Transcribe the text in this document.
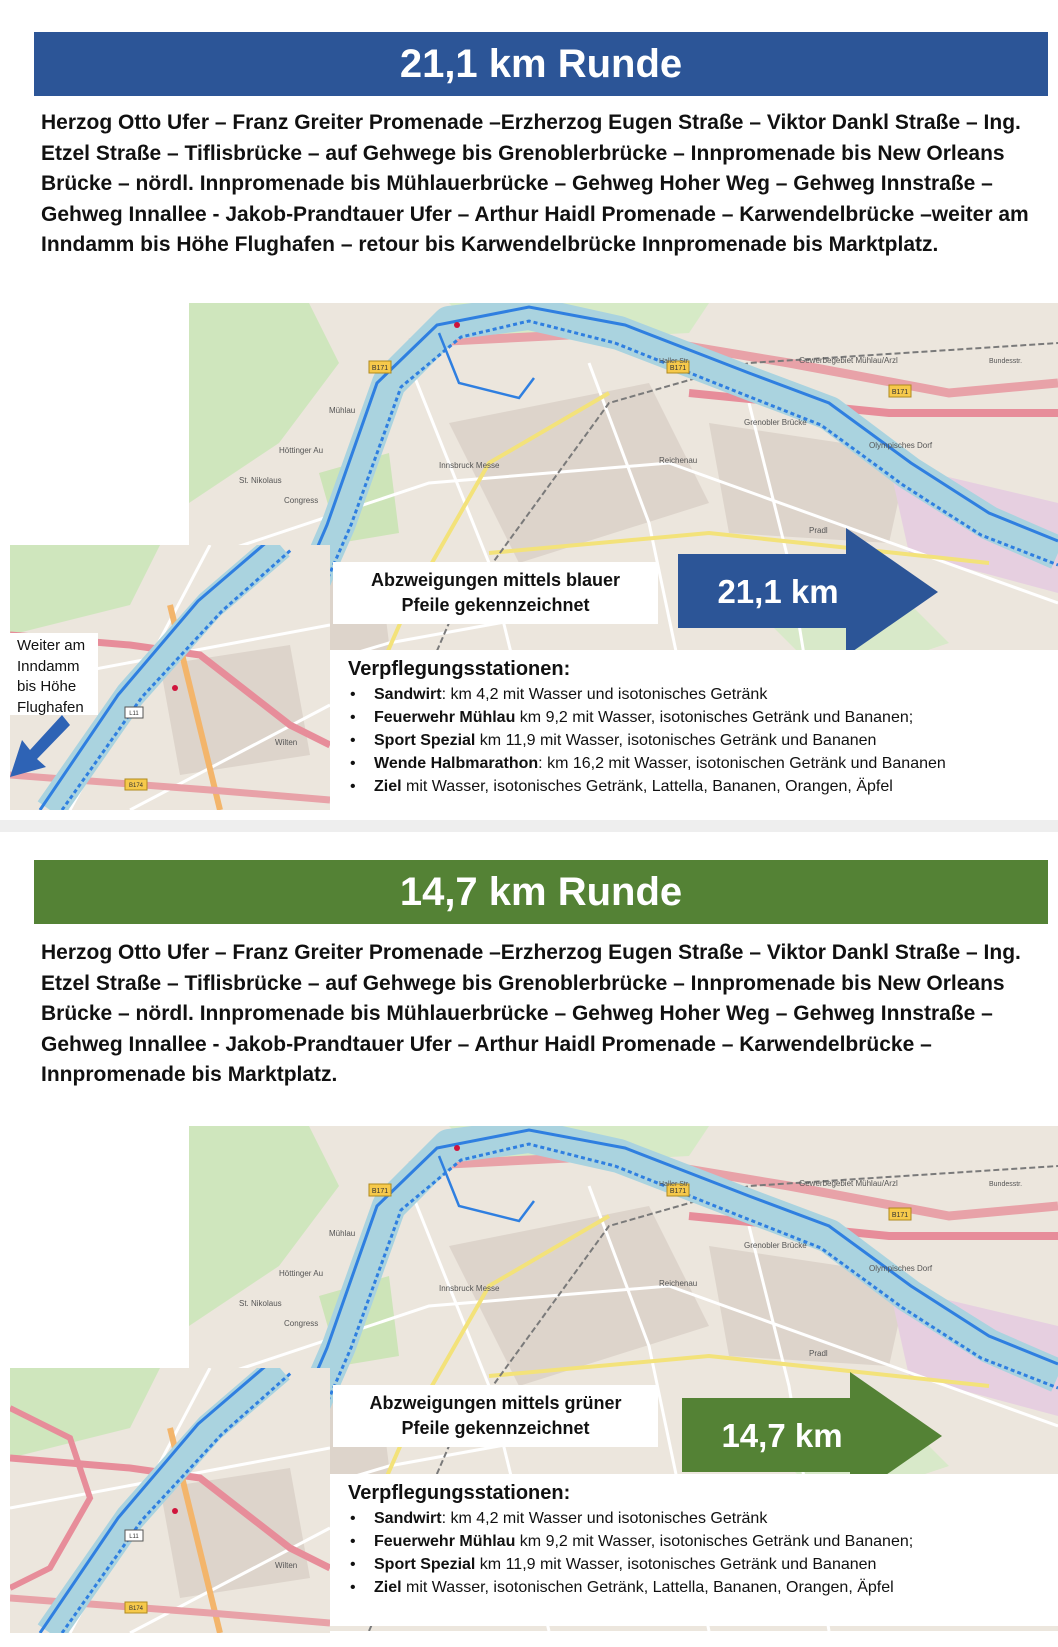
21,1 km Runde

Herzog Otto Ufer – Franz Greiter Promenade –Erzherzog Eugen Straße – Viktor Dankl Straße – Ing. Etzel Straße – Tiflisbrücke – auf Gehwege bis Grenoblerbrücke – Innpromenade bis New Orleans Brücke – nördl. Innpromenade bis Mühlauerbrücke – Gehweg Hoher Weg – Gehweg Innstraße – Gehweg Innallee - Jakob-Prandtauer Ufer – Arthur Haidl Promenade – Karwendelbrücke –weiter am Inndamm bis Höhe Flughafen – retour bis Karwendelbrücke Innpromenade bis Marktplatz.

B171	B171
B171
Gewerbegebiet Mühlau/Arzl
Olympisches Dorf
Grenobler Brücke
Reichenau
Congress
Innsbruck Messe
Haller Str.	Bundesstr.
St. Nikolaus
Mühlau
Höttinger Au
Pradl
L11
B174
Wilten
Weiter am
Inndamm
bis Höhe
Flughafen
Abzweigungen mittels blauer
Pfeile gekennzeichnet	21,1 km
Verpflegungsstationen:
• Sandwirt: km 4,2 mit Wasser und isotonisches Getränk
• Feuerwehr Mühlau km 9,2 mit Wasser, isotonisches Getränk und Bananen;
• Sport Spezial km 11,9 mit Wasser, isotonisches Getränk und Bananen
• Wende Halbmarathon: km 16,2 mit Wasser, isotonischen Getränk und Bananen
• Ziel mit Wasser, isotonisches Getränk, Lattella, Bananen, Orangen, Äpfel
14,7 km Runde

Herzog Otto Ufer – Franz Greiter Promenade –Erzherzog Eugen Straße – Viktor Dankl Straße – Ing. Etzel Straße – Tiflisbrücke – auf Gehwege bis Grenoblerbrücke – Innpromenade bis New Orleans Brücke – nördl. Innpromenade bis Mühlauerbrücke – Gehweg Hoher Weg – Gehweg Innstraße – Gehweg Innallee - Jakob-Prandtauer Ufer – Arthur Haidl Promenade – Karwendelbrücke – Innpromenade bis Marktplatz.

B171	B171
B171
Gewerbegebiet Mühlau/Arzl
Olympisches Dorf
Grenobler Brücke
Reichenau
Congress
Innsbruck Messe
Haller Str.	Bundesstr.
St. Nikolaus
Mühlau
Höttinger Au
Pradl
L11
B174
Wilten
Abzweigungen mittels grüner
Pfeile gekennzeichnet	14,7 km
Verpflegungsstationen:
• Sandwirt: km 4,2 mit Wasser und isotonisches Getränk
• Feuerwehr Mühlau km 9,2 mit Wasser, isotonisches Getränk und Bananen;
• Sport Spezial km 11,9 mit Wasser, isotonisches Getränk und Bananen
• Ziel mit Wasser, isotonischen Getränk, Lattella, Bananen, Orangen, Äpfel
